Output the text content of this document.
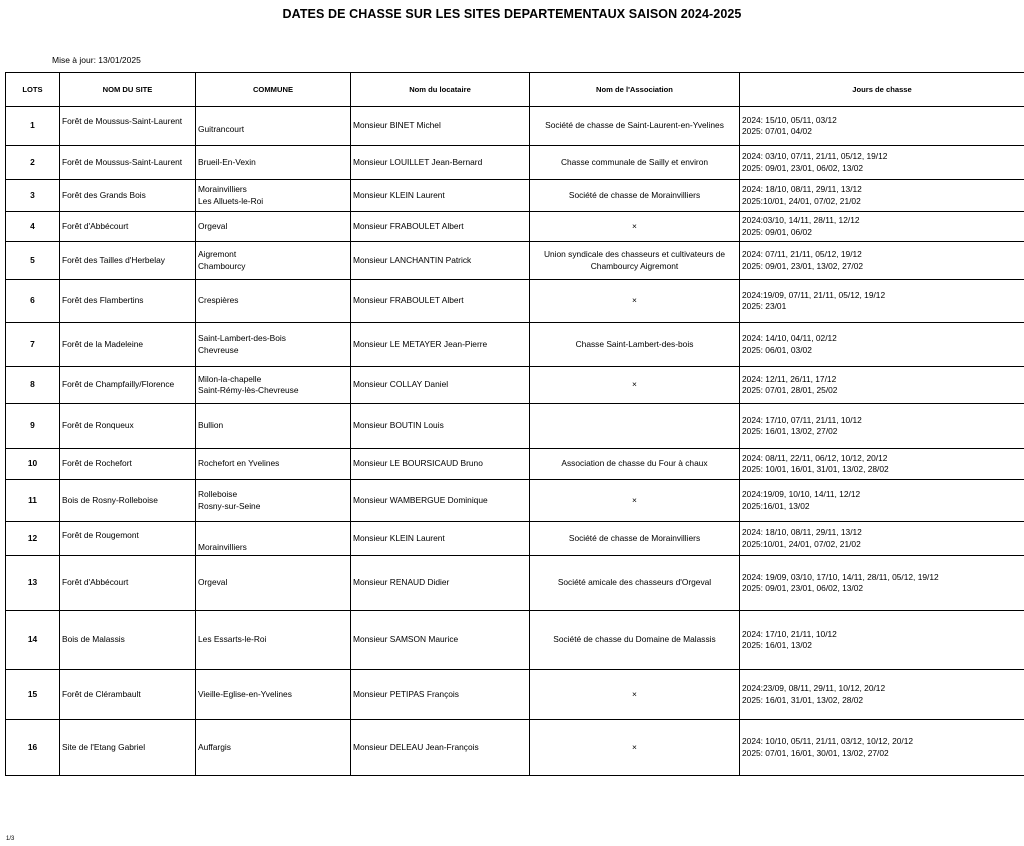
DATES DE CHASSE SUR LES SITES DEPARTEMENTAUX SAISON 2024-2025
Mise à jour: 13/01/2025
LOTS	NOM DU SITE	COMMUNE	Nom du locataire	Nom de l'Association	Jours de chasse
1	Forêt de Moussus-Saint-Laurent	Guitrancourt	Monsieur BINET Michel	Société de chasse de Saint-Laurent-en-Yvelines	2024: 15/10, 05/11, 03/12
2025: 07/01, 04/02

2	Forêt de Moussus-Saint-Laurent	Brueil-En-Vexin	Monsieur LOUILLET Jean-Bernard	Chasse communale de Sailly et environ	2024: 03/10, 07/11, 21/11, 05/12, 19/12
2025: 09/01, 23/01, 06/02, 13/02

3	Forêt des Grands Bois	Morainvilliers
Les Alluets-le-Roi	Monsieur KLEIN Laurent	Société de chasse de Morainvilliers	2024: 18/10, 08/11, 29/11, 13/12
2025:10/01, 24/01, 07/02, 21/02

4	Forêt d'Abbécourt	Orgeval	Monsieur FRABOULET Albert	×	2024:03/10, 14/11, 28/11, 12/12
2025: 09/01, 06/02

5	Forêt des Tailles d'Herbelay	Aigremont
Chambourcy	Monsieur LANCHANTIN Patrick	Union syndicale des chasseurs et cultivateurs de Chambourcy Aigremont	2024: 07/11, 21/11, 05/12, 19/12
2025: 09/01, 23/01, 13/02, 27/02

6	Forêt des Flambertins	Crespières	Monsieur FRABOULET Albert	×	2024:19/09, 07/11, 21/11, 05/12, 19/12
2025: 23/01

7	Forêt de la Madeleine	Saint-Lambert-des-Bois
Chevreuse	Monsieur LE METAYER Jean-Pierre	Chasse Saint-Lambert-des-bois	2024: 14/10, 04/11, 02/12
2025: 06/01, 03/02

8	Forêt de Champfailly/Florence	Milon-la-chapelle
Saint-Rémy-lès-Chevreuse	Monsieur COLLAY Daniel	×	2024: 12/11, 26/11, 17/12
2025: 07/01, 28/01, 25/02

9	Forêt de Ronqueux	Bullion	Monsieur BOUTIN Louis		2024: 17/10, 07/11, 21/11, 10/12
2025: 16/01, 13/02, 27/02

10	Forêt de Rochefort	Rochefort en Yvelines	Monsieur LE BOURSICAUD Bruno	Association de chasse du Four à chaux	2024: 08/11, 22/11, 06/12, 10/12, 20/12
2025: 10/01, 16/01, 31/01, 13/02, 28/02

11	Bois de Rosny-Rolleboise	Rolleboise
Rosny-sur-Seine	Monsieur WAMBERGUE Dominique	×	2024:19/09, 10/10, 14/11, 12/12
2025:16/01, 13/02

12	Forêt de Rougemont	Morainvilliers	Monsieur KLEIN Laurent	Société de chasse de Morainvilliers	2024: 18/10, 08/11, 29/11, 13/12
2025:10/01, 24/01, 07/02, 21/02

13	Forêt d'Abbécourt	Orgeval	Monsieur RENAUD Didier	Société amicale des chasseurs d'Orgeval	2024: 19/09, 03/10, 17/10, 14/11, 28/11, 05/12, 19/12
2025: 09/01, 23/01, 06/02, 13/02

14	Bois de Malassis	Les Essarts-le-Roi	Monsieur SAMSON Maurice	Société de chasse du Domaine de Malassis	2024: 17/10, 21/11, 10/12
2025: 16/01, 13/02

15	Forêt de Clérambault	Vieille-Eglise-en-Yvelines	Monsieur PETIPAS François	×	2024:23/09, 08/11, 29/11, 10/12, 20/12
2025: 16/01, 31/01, 13/02, 28/02

16	Site de l'Etang Gabriel	Auffargis	Monsieur DELEAU Jean-François	×	2024: 10/10, 05/11, 21/11, 03/12, 10/12, 20/12
2025: 07/01, 16/01, 30/01, 13/02, 27/02
1/3
